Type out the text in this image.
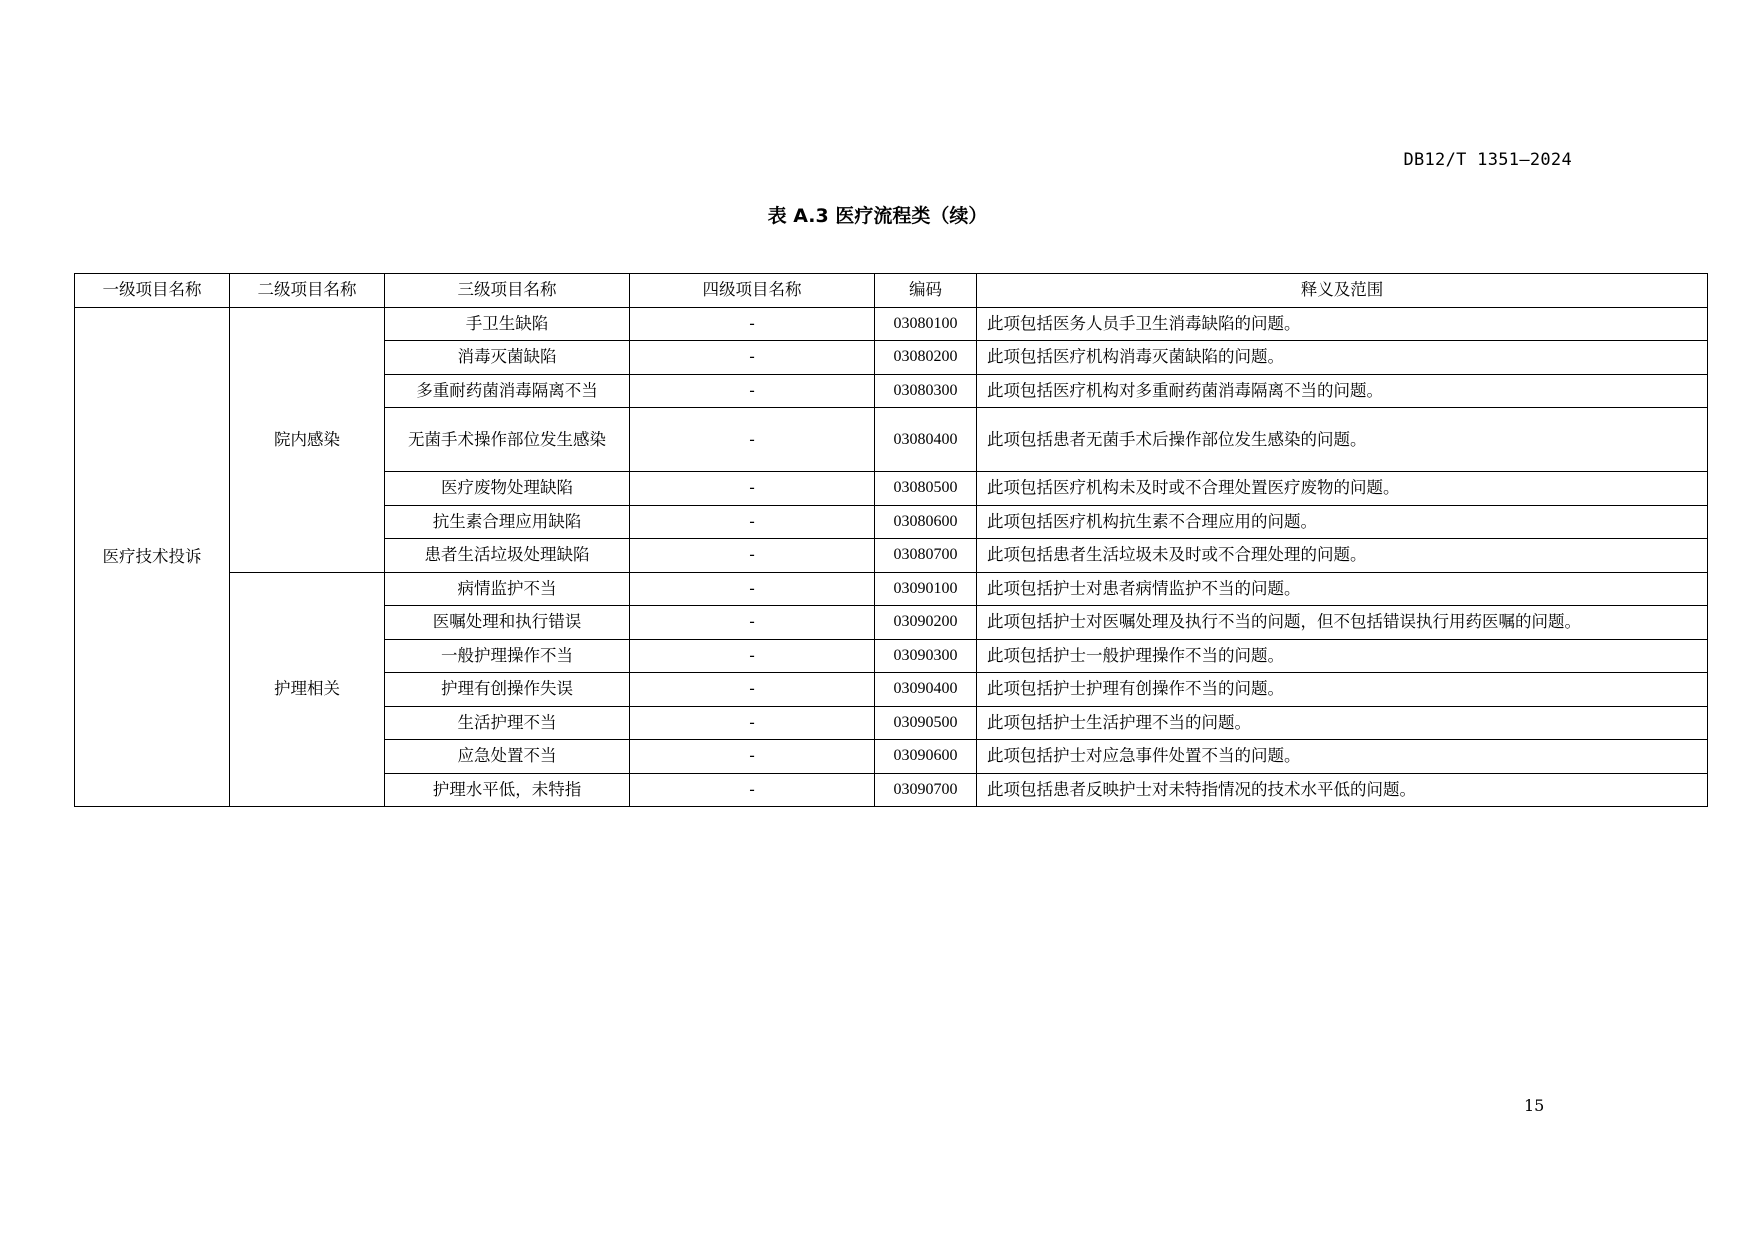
DB12/T 1351—2024
表 A.3 医疗流程类（续）
一级项目名称	二级项目名称	三级项目名称	四级项目名称	编码	释义及范围
医疗技术投诉	院内感染	手卫生缺陷	-	03080100	此项包括医务人员手卫生消毒缺陷的问题。
		消毒灭菌缺陷	-	03080200	此项包括医疗机构消毒灭菌缺陷的问题。
		多重耐药菌消毒隔离不当	-	03080300	此项包括医疗机构对多重耐药菌消毒隔离不当的问题。
		无菌手术操作部位发生感染	-	03080400	此项包括患者无菌手术后操作部位发生感染的问题。
		医疗废物处理缺陷	-	03080500	此项包括医疗机构未及时或不合理处置医疗废物的问题。
		抗生素合理应用缺陷	-	03080600	此项包括医疗机构抗生素不合理应用的问题。
		患者生活垃圾处理缺陷	-	03080700	此项包括患者生活垃圾未及时或不合理处理的问题。
	护理相关	病情监护不当	-	03090100	此项包括护士对患者病情监护不当的问题。
		医嘱处理和执行错误	-	03090200	此项包括护士对医嘱处理及执行不当的问题，但不包括错误执行用药医嘱的问题。
		一般护理操作不当	-	03090300	此项包括护士一般护理操作不当的问题。
		护理有创操作失误	-	03090400	此项包括护士护理有创操作不当的问题。
		生活护理不当	-	03090500	此项包括护士生活护理不当的问题。
		应急处置不当	-	03090600	此项包括护士对应急事件处置不当的问题。
		护理水平低，未特指	-	03090700	此项包括患者反映护士对未特指情况的技术水平低的问题。
15
